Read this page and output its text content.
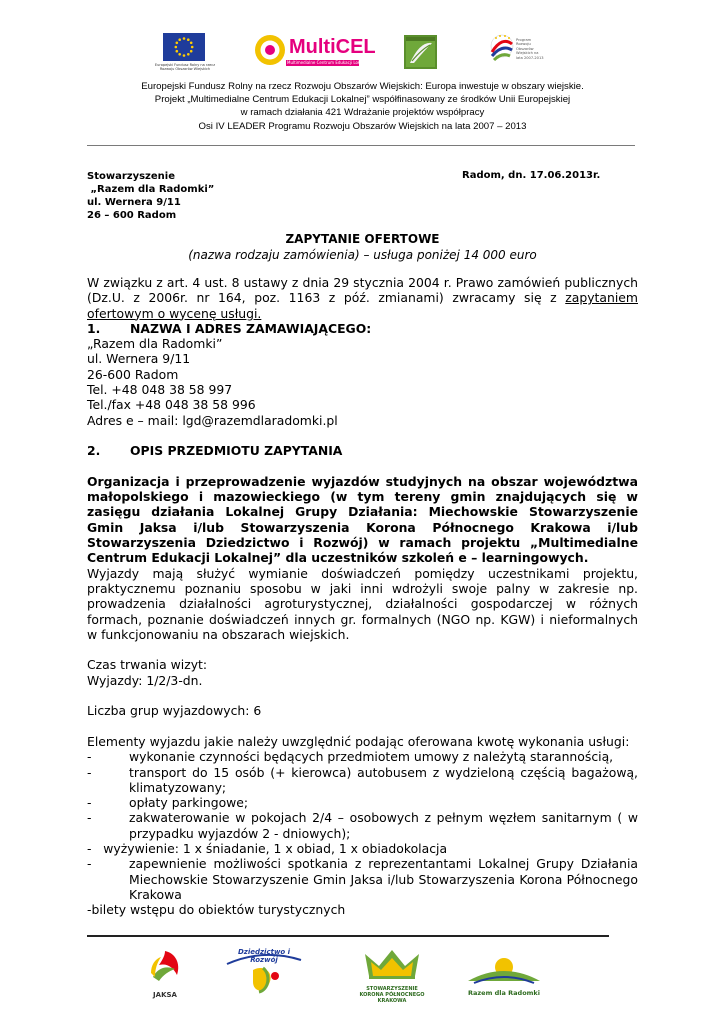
Europejski Fundusz Rolny na rzecz Rozwoju Obszarów Wiejskich
MultiCEL
Multimedialne Centrum Edukacji Lokalnej
Program Rozwoju Obszarów Wiejskich na lata 2007-2013
Europejski Fundusz Rolny na rzecz Rozwoju Obszarów Wiejskich: Europa inwestuje w obszary wiejskie.
Projekt „Multimedialne Centrum Edukacji Lokalnej” współfinasowany ze środków Unii Europejskiej
w ramach działania 421 Wdrażanie projektów współpracy
Osi IV LEADER Programu Rozwoju Obszarów Wiejskich na lata 2007 – 2013
Stowarzyszenie
„Razem dla Radomki”
ul. Wernera 9/11
26 – 600 Radom
Radom, dn. 17.06.2013r.
ZAPYTANIE OFERTOWE
(nazwa rodzaju zamówienia) – usługa poniżej 14 000 euro

W związku z art. 4 ust. 8 ustawy z dnia 29 stycznia 2004 r. Prawo zamówień publicznych (Dz.U. z 2006r. nr 164, poz. 1163 z póź. zmianami) zwracamy się z zapytaniem ofertowym o wycenę usługi.

1. NAZWA I ADRES ZAMAWIAJĄCEGO:

„Razem dla Radomki”

ul. Wernera 9/11

26-600 Radom

Tel. +48 048 38 58 997

Tel./fax +48 048 38 58 996

Adres e – mail: lgd@razemdlaradomki.pl

2. OPIS PRZEDMIOTU ZAPYTANIA

Organizacja i przeprowadzenie wyjazdów studyjnych na obszar województwa małopolskiego i mazowieckiego (w tym tereny gmin znajdujących się w zasięgu działania Lokalnej Grupy Działania: Miechowskie Stowarzyszenie Gmin Jaksa i/lub Stowarzyszenia Korona Północnego Krakowa i/lub Stowarzyszenia Dziedzictwo i Rozwój) w ramach projektu „Multimedialne Centrum Edukacji Lokalnej” dla uczestników szkoleń e – learningowych.

Wyjazdy mają służyć wymianie doświadczeń pomiędzy uczestnikami projektu, praktycznemu poznaniu sposobu w jaki inni wdrożyli swoje palny w zakresie np. prowadzenia działalności agroturystycznej, działalności gospodarczej w różnych formach, poznanie doświadczeń innych gr. formalnych (NGO np. KGW) i nieformalnych w funkcjonowaniu na obszarach wiejskich.

Czas trwania wizyt:

Wyjazdy: 1/2/3-dn.

Liczba grup wyjazdowych: 6

Elementy wyjazdu jakie należy uwzględnić podając oferowana kwotę wykonania usługi:

-	wykonanie czynności będących przedmiotem umowy z należytą starannością,
-	transport do 15 osób (+ kierowca) autobusem z wydzieloną częścią bagażową, klimatyzowany;
-	opłaty parkingowe;
-	zakwaterowanie w pokojach 2/4 – osobowych z pełnym węzłem sanitarnym ( w przypadku wyjazdów 2 - dniowych);

-   wyżywienie: 1 x śniadanie, 1 x obiad, 1 x obiadokolacja

-	zapewnienie możliwości spotkania z reprezentantami Lokalnej Grupy Działania Miechowskie Stowarzyszenie Gmin Jaksa i/lub Stowarzyszenia Korona Północnego Krakowa

-bilety wstępu do obiektów turystycznych

JAKSA
Dziedzictwo i Rozwój
STOWARZYSZENIE KORONA PÓŁNOCNEGO KRAKOWA
Razem dla Radomki
